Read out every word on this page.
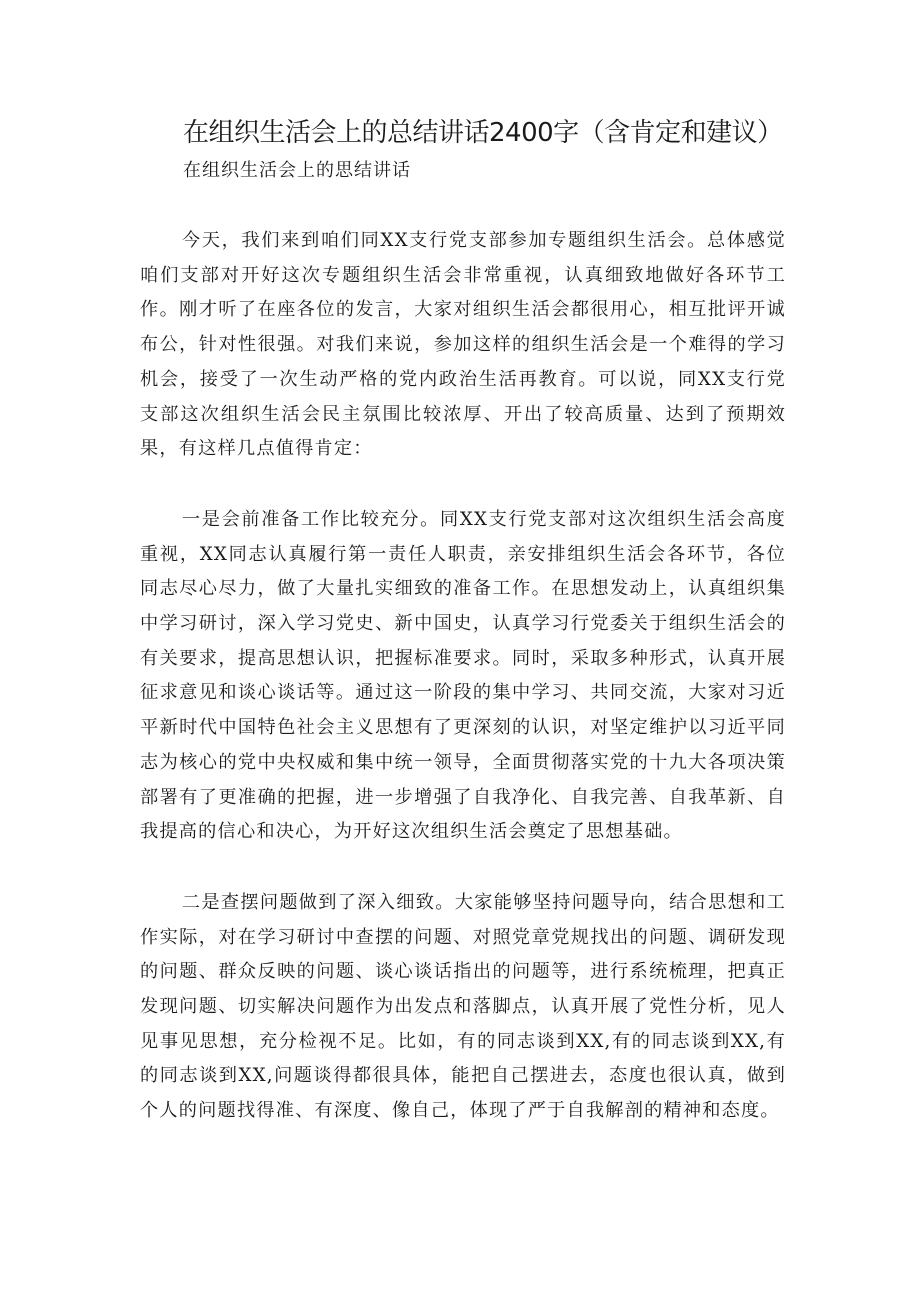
在组织生活会上的总结讲话2400字（含肯定和建议）

在组织生活会上的思结讲话

今天，我们来到咱们同XX支行党支部参加专题组织生活会。总体感觉咱们支部对开好这次专题组织生活会非常重视，认真细致地做好各环节工作。刚才听了在座各位的发言，大家对组织生活会都很用心，相互批评开诚布公，针对性很强。对我们来说，参加这样的组织生活会是一个难得的学习机会，接受了一次生动严格的党内政治生活再教育。可以说，同XX支行党支部这次组织生活会民主氛围比较浓厚、开出了较高质量、达到了预期效果，有这样几点值得肯定：

一是会前准备工作比较充分。同XX支行党支部对这次组织生活会高度重视，XX同志认真履行第一责任人职责，亲安排组织生活会各环节，各位同志尽心尽力，做了大量扎实细致的准备工作。在思想发动上，认真组织集中学习研讨，深入学习党史、新中国史，认真学习行党委关于组织生活会的有关要求，提高思想认识，把握标准要求。同时，采取多种形式，认真开展征求意见和谈心谈话等。通过这一阶段的集中学习、共同交流，大家对习近平新时代中国特色社会主义思想有了更深刻的认识，对坚定维护以习近平同志为核心的党中央权威和集中统一领导，全面贯彻落实党的十九大各项决策部署有了更准确的把握，进一步增强了自我净化、自我完善、自我革新、自我提高的信心和决心，为开好这次组织生活会奠定了思想基础。

二是查摆问题做到了深入细致。大家能够坚持问题导向，结合思想和工作实际，对在学习研讨中查摆的问题、对照党章党规找出的问题、调研发现的问题、群众反映的问题、谈心谈话指出的问题等，进行系统梳理，把真正发现问题、切实解决问题作为出发点和落脚点，认真开展了党性分析，见人见事见思想，充分检视不足。比如，有的同志谈到XX,有的同志谈到XX,有的同志谈到XX,问题谈得都很具体，能把自己摆进去，态度也很认真，做到个人的问题找得准、有深度、像自己，体现了严于自我解剖的精神和态度。
